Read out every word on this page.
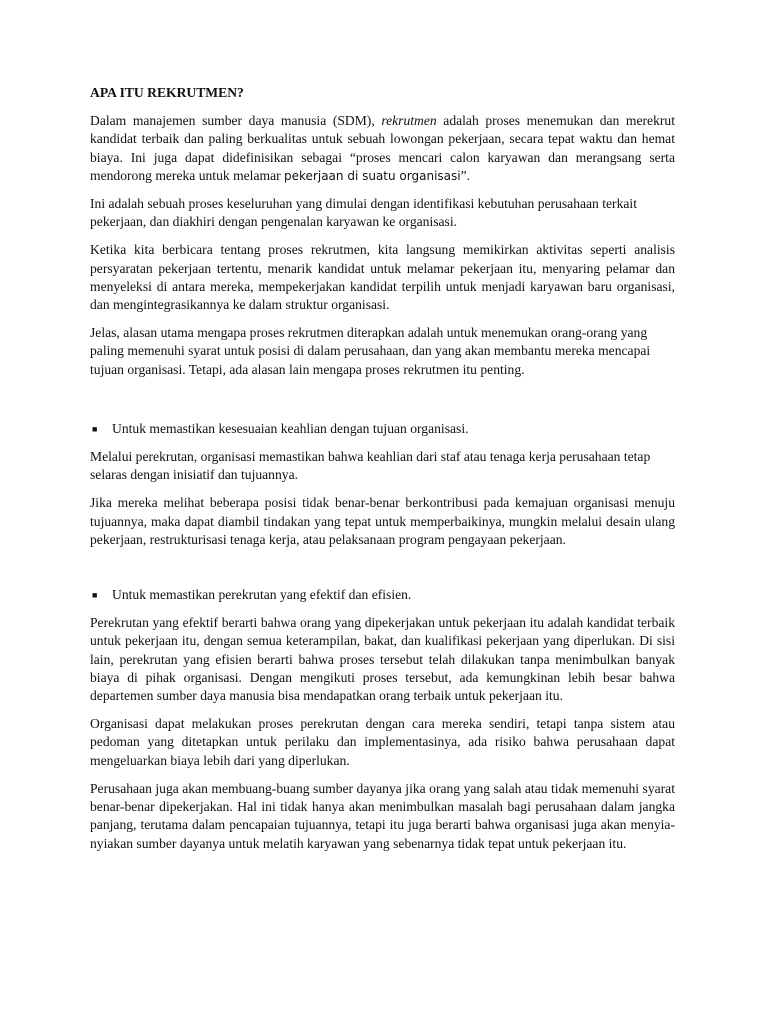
APA ITU REKRUTMEN?

Dalam manajemen sumber daya manusia (SDM), rekrutmen adalah proses menemukan dan merekrut kandidat terbaik dan paling berkualitas untuk sebuah lowongan pekerjaan, secara tepat waktu dan hemat biaya. Ini juga dapat didefinisikan sebagai “proses mencari calon karyawan dan merangsang serta mendorong mereka untuk melamar pekerjaan di suatu organisasi”.

Ini adalah sebuah proses keseluruhan yang dimulai dengan identifikasi kebutuhan perusahaan terkait pekerjaan, dan diakhiri dengan pengenalan karyawan ke organisasi.

Ketika kita berbicara tentang proses rekrutmen, kita langsung memikirkan aktivitas seperti analisis persyaratan pekerjaan tertentu, menarik kandidat untuk melamar pekerjaan itu, menyaring pelamar dan menyeleksi di antara mereka, mempekerjakan kandidat terpilih untuk menjadi karyawan baru organisasi, dan mengintegrasikannya ke dalam struktur organisasi.

Jelas, alasan utama mengapa proses rekrutmen diterapkan adalah untuk menemukan orang-orang yang paling memenuhi syarat untuk posisi di dalam perusahaan, dan yang akan membantu mereka mencapai tujuan organisasi. Tetapi, ada alasan lain mengapa proses rekrutmen itu penting.

■	Untuk memastikan kesesuaian keahlian dengan tujuan organisasi.

Melalui perekrutan, organisasi memastikan bahwa keahlian dari staf atau tenaga kerja perusahaan tetap selaras dengan inisiatif dan tujuannya.

Jika mereka melihat beberapa posisi tidak benar-benar berkontribusi pada kemajuan organisasi menuju tujuannya, maka dapat diambil tindakan yang tepat untuk memperbaikinya, mungkin melalui desain ulang pekerjaan, restrukturisasi tenaga kerja, atau pelaksanaan program pengayaan pekerjaan.

■	Untuk memastikan perekrutan yang efektif dan efisien.

Perekrutan yang efektif berarti bahwa orang yang dipekerjakan untuk pekerjaan itu adalah kandidat terbaik untuk pekerjaan itu, dengan semua keterampilan, bakat, dan kualifikasi pekerjaan yang diperlukan. Di sisi lain, perekrutan yang efisien berarti bahwa proses tersebut telah dilakukan tanpa menimbulkan banyak biaya di pihak organisasi. Dengan mengikuti proses tersebut, ada kemungkinan lebih besar bahwa departemen sumber daya manusia bisa mendapatkan orang terbaik untuk pekerjaan itu.

Organisasi dapat melakukan proses perekrutan dengan cara mereka sendiri, tetapi tanpa sistem atau pedoman yang ditetapkan untuk perilaku dan implementasinya, ada risiko bahwa perusahaan dapat mengeluarkan biaya lebih dari yang diperlukan.

Perusahaan juga akan membuang-buang sumber dayanya jika orang yang salah atau tidak memenuhi syarat benar-benar dipekerjakan. Hal ini tidak hanya akan menimbulkan masalah bagi perusahaan dalam jangka panjang, terutama dalam pencapaian tujuannya, tetapi itu juga berarti bahwa organisasi juga akan menyia-nyiakan sumber dayanya untuk melatih karyawan yang sebenarnya tidak tepat untuk pekerjaan itu.
